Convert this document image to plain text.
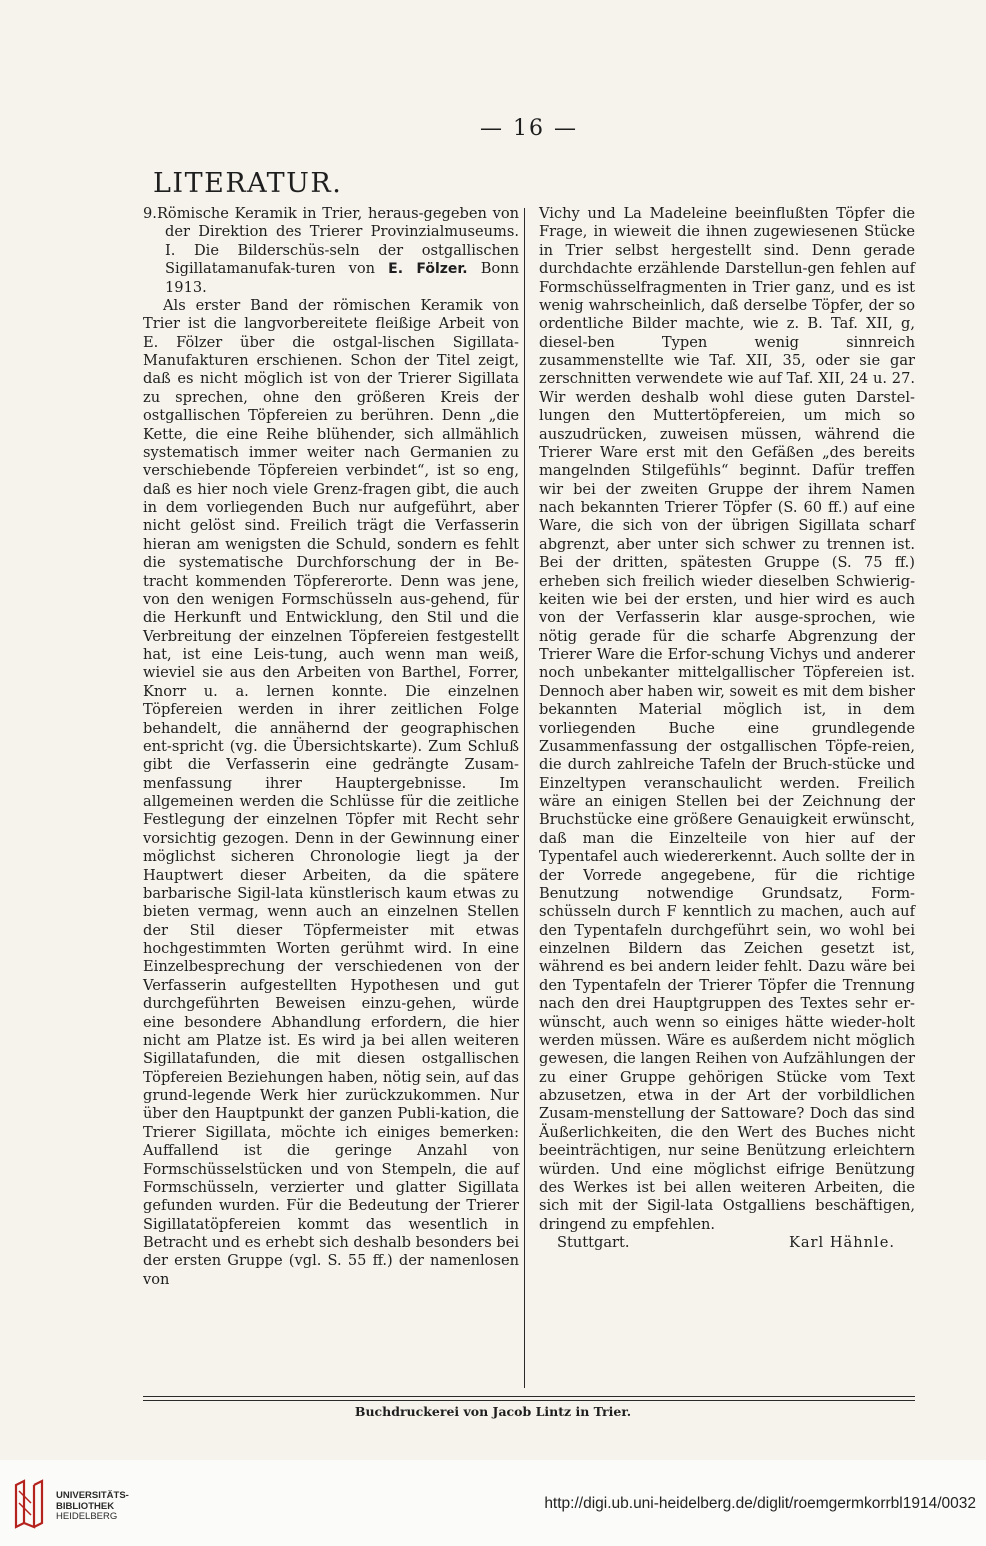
— 16 —
LITERATUR.

9.Römische Keramik in Trier, heraus-gegeben von der Direktion des Trierer Provinzialmuseums. I. Die Bilderschüs-seln der ostgallischen Sigillatamanufak-turen von E. Fölzer. Bonn 1913.

Als erster Band der römischen Keramik von Trier ist die langvorbereitete fleißige Arbeit von E. Fölzer über die ostgal-lischen Sigillata-Manufakturen erschienen. Schon der Titel zeigt, daß es nicht möglich ist von der Trierer Sigillata zu sprechen, ohne den größeren Kreis der ostgallischen Töpfereien zu berühren. Denn „die Kette, die eine Reihe blühender, sich allmählich systematisch immer weiter nach Germanien zu verschiebende Töpfereien verbindet“, ist so eng, daß es hier noch viele Grenz-fragen gibt, die auch in dem vorliegenden Buch nur aufgeführt, aber nicht gelöst sind. Freilich trägt die Verfasserin hieran am wenigsten die Schuld, sondern es fehlt die systematische Durchforschung der in Be-tracht kommenden Töpfererorte. Denn was jene, von den wenigen Formschüsseln aus-gehend, für die Herkunft und Entwicklung, den Stil und die Verbreitung der einzelnen Töpfereien festgestellt hat, ist eine Leis-tung, auch wenn man weiß, wieviel sie aus den Arbeiten von Barthel, Forrer, Knorr u. a. lernen konnte. Die einzelnen Töpfereien werden in ihrer zeitlichen Folge behandelt, die annähernd der geographischen ent-spricht (vg. die Übersichtskarte). Zum Schluß gibt die Verfasserin eine gedrängte Zusam-menfassung ihrer Hauptergebnisse. Im allgemeinen werden die Schlüsse für die zeitliche Festlegung der einzelnen Töpfer mit Recht sehr vorsichtig gezogen. Denn in der Gewinnung einer möglichst sicheren Chronologie liegt ja der Hauptwert dieser Arbeiten, da die spätere barbarische Sigil-lata künstlerisch kaum etwas zu bieten vermag, wenn auch an einzelnen Stellen der Stil dieser Töpfermeister mit etwas hochgestimmten Worten gerühmt wird. In eine Einzelbesprechung der verschiedenen von der Verfasserin aufgestellten Hypothesen und gut durchgeführten Beweisen einzu-gehen, würde eine besondere Abhandlung erfordern, die hier nicht am Platze ist. Es wird ja bei allen weiteren Sigillatafunden, die mit diesen ostgallischen Töpfereien Beziehungen haben, nötig sein, auf das grund-legende Werk hier zurückzukommen. Nur über den Hauptpunkt der ganzen Publi-kation, die Trierer Sigillata, möchte ich einiges bemerken: Auffallend ist die geringe Anzahl von Formschüsselstücken und von Stempeln, die auf Formschüsseln, verzierter und glatter Sigillata gefunden wurden. Für die Bedeutung der Trierer Sigillatatöpfereien kommt das wesentlich in Betracht und es erhebt sich deshalb besonders bei der ersten Gruppe (vgl. S. 55 ff.) der namenlosen von

Vichy und La Madeleine beeinflußten Töpfer die Frage, in wieweit die ihnen zugewiesenen Stücke in Trier selbst hergestellt sind. Denn gerade durchdachte erzählende Darstellun-gen fehlen auf Formschüsselfragmenten in Trier ganz, und es ist wenig wahrscheinlich, daß derselbe Töpfer, der so ordentliche Bilder machte, wie z. B. Taf. XII, g, diesel-ben Typen wenig sinnreich zusammenstellte wie Taf. XII, 35, oder sie gar zerschnitten verwendete wie auf Taf. XII, 24 u. 27. Wir werden deshalb wohl diese guten Darstel-lungen den Muttertöpfereien, um mich so auszudrücken, zuweisen müssen, während die Trierer Ware erst mit den Gefäßen „des bereits mangelnden Stilgefühls“ beginnt. Dafür treffen wir bei der zweiten Gruppe der ihrem Namen nach bekannten Trierer Töpfer (S. 60 ff.) auf eine Ware, die sich von der übrigen Sigillata scharf abgrenzt, aber unter sich schwer zu trennen ist. Bei der dritten, spätesten Gruppe (S. 75 ff.) erheben sich freilich wieder dieselben Schwierig-keiten wie bei der ersten, und hier wird es auch von der Verfasserin klar ausge-sprochen, wie nötig gerade für die scharfe Abgrenzung der Trierer Ware die Erfor-schung Vichys und anderer noch unbekanter mittelgallischer Töpfereien ist. Dennoch aber haben wir, soweit es mit dem bisher bekannten Material möglich ist, in dem vorliegenden Buche eine grundlegende Zusammenfassung der ostgallischen Töpfe-reien, die durch zahlreiche Tafeln der Bruch-stücke und Einzeltypen veranschaulicht werden. Freilich wäre an einigen Stellen bei der Zeichnung der Bruchstücke eine größere Genauigkeit erwünscht, daß man die Einzelteile von hier auf der Typentafel auch wiedererkennt. Auch sollte der in der Vorrede angegebene, für die richtige Benutzung notwendige Grundsatz, Form-schüsseln durch F kenntlich zu machen, auch auf den Typentafeln durchgeführt sein, wo wohl bei einzelnen Bildern das Zeichen gesetzt ist, während es bei andern leider fehlt. Dazu wäre bei den Typentafeln der Trierer Töpfer die Trennung nach den drei Hauptgruppen des Textes sehr er-wünscht, auch wenn so einiges hätte wieder-holt werden müssen. Wäre es außerdem nicht möglich gewesen, die langen Reihen von Aufzählungen der zu einer Gruppe gehörigen Stücke vom Text abzusetzen, etwa in der Art der vorbildlichen Zusam-menstellung der Sattoware? Doch das sind Äußerlichkeiten, die den Wert des Buches nicht beeinträchtigen, nur seine Benützung erleichtern würden. Und eine möglichst eifrige Benützung des Werkes ist bei allen weiteren Arbeiten, die sich mit der Sigil-lata Ostgalliens beschäftigen, dringend zu empfehlen.

Stuttgart.	Karl Hähnle.
Buchdruckerei von Jacob Lintz in Trier.
UNIVERSITÄTS-
BIBLIOTHEK
HEIDELBERG
http://digi.ub.uni-heidelberg.de/diglit/roemgermkorrbl1914/0032
